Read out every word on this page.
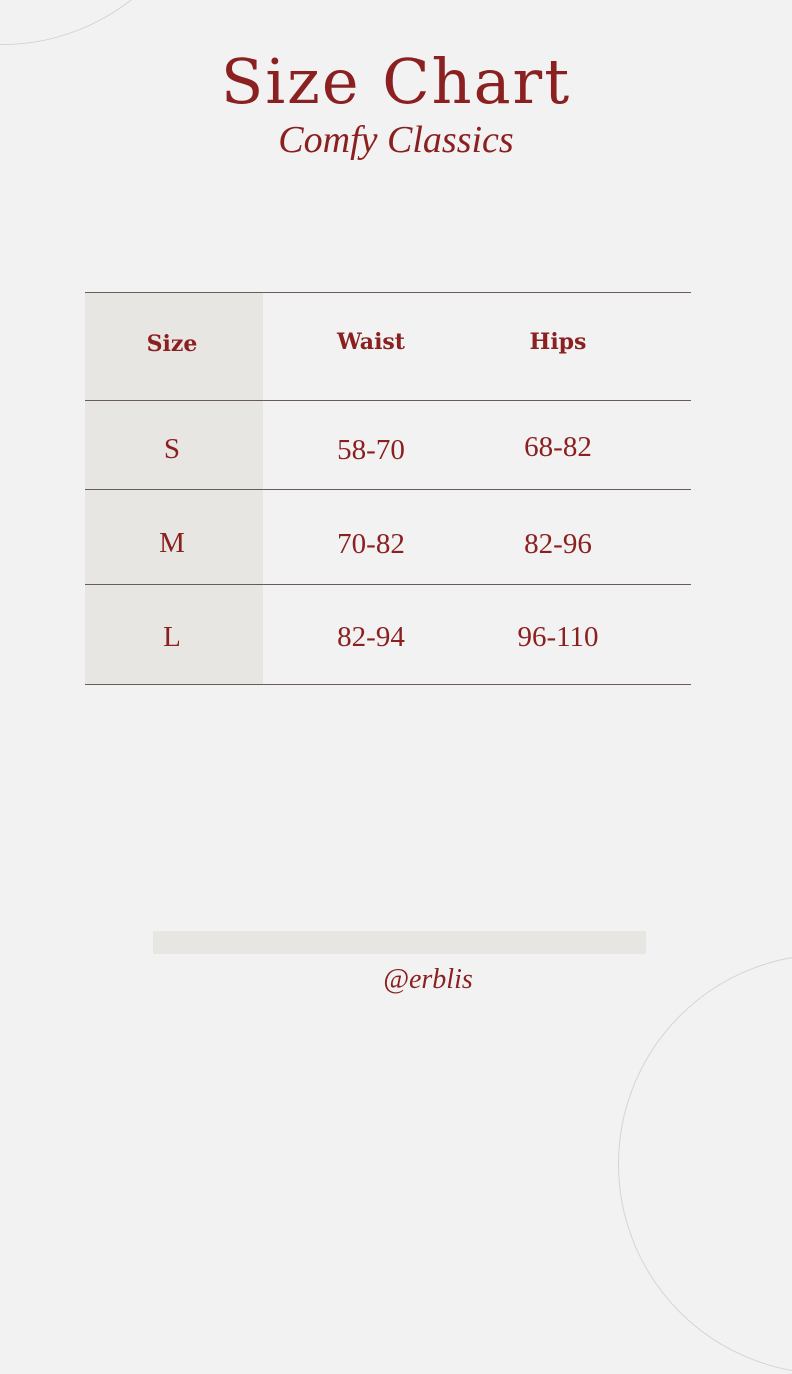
Size Chart
Comfy Classics
Size	Waist	Hips
S	58-70	68-82
M	70-82	82-96
L	82-94	96-110
@erblis
